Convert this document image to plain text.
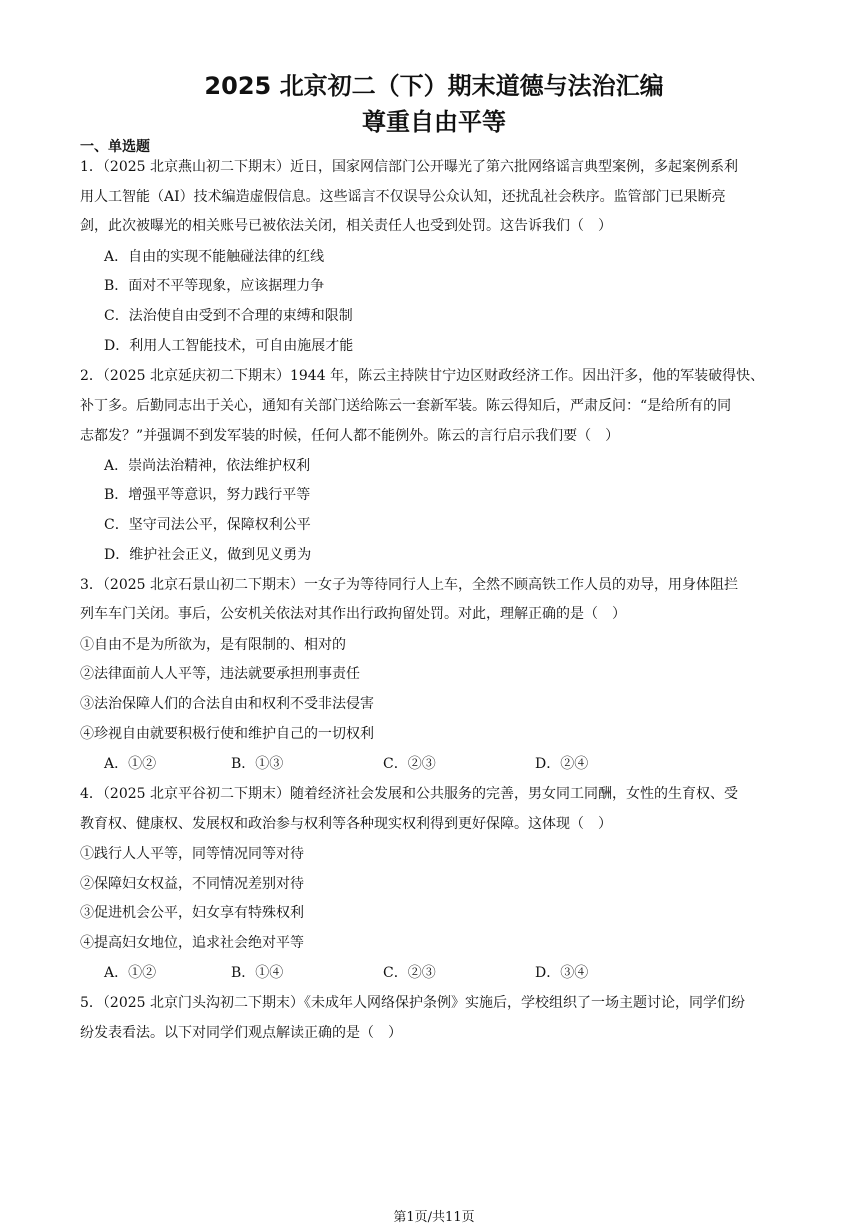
2025 北京初二（下）期末道德与法治汇编
尊重自由平等
一、单选题
1．（2025 北京燕山初二下期末）近日，国家网信部门公开曝光了第六批网络谣言典型案例，多起案例系利
用人工智能（AI）技术编造虚假信息。这些谣言不仅误导公众认知，还扰乱社会秩序。监管部门已果断亮
剑，此次被曝光的相关账号已被依法关闭，相关责任人也受到处罚。这告诉我们（　）
A．自由的实现不能触碰法律的红线
B．面对不平等现象，应该据理力争
C．法治使自由受到不合理的束缚和限制
D．利用人工智能技术，可自由施展才能
2．（2025 北京延庆初二下期末）1944 年，陈云主持陕甘宁边区财政经济工作。因出汗多，他的军装破得快、
补丁多。后勤同志出于关心，通知有关部门送给陈云一套新军装。陈云得知后，严肃反问：“是给所有的同
志都发？”并强调不到发军装的时候，任何人都不能例外。陈云的言行启示我们要（　）
A．崇尚法治精神，依法维护权利
B．增强平等意识，努力践行平等
C．坚守司法公平，保障权利公平
D．维护社会正义，做到见义勇为
3．（2025 北京石景山初二下期末）一女子为等待同行人上车，全然不顾高铁工作人员的劝导，用身体阻拦
列车车门关闭。事后，公安机关依法对其作出行政拘留处罚。对此，理解正确的是（　）
①自由不是为所欲为，是有限制的、相对的
②法律面前人人平等，违法就要承担刑事责任
③法治保障人们的合法自由和权利不受非法侵害
④珍视自由就要积极行使和维护自己的一切权利
A．①②	B．①③	C．②③	D．②④
4．（2025 北京平谷初二下期末）随着经济社会发展和公共服务的完善，男女同工同酬，女性的生育权、受
教育权、健康权、发展权和政治参与权利等各种现实权利得到更好保障。这体现（　）
①践行人人平等，同等情况同等对待
②保障妇女权益，不同情况差别对待
③促进机会公平，妇女享有特殊权利
④提高妇女地位，追求社会绝对平等
A．①②	B．①④	C．②③	D．③④
5．（2025 北京门头沟初二下期末）《未成年人网络保护条例》实施后，学校组织了一场主题讨论，同学们纷
纷发表看法。以下对同学们观点解读正确的是（　）
第1页/共11页
